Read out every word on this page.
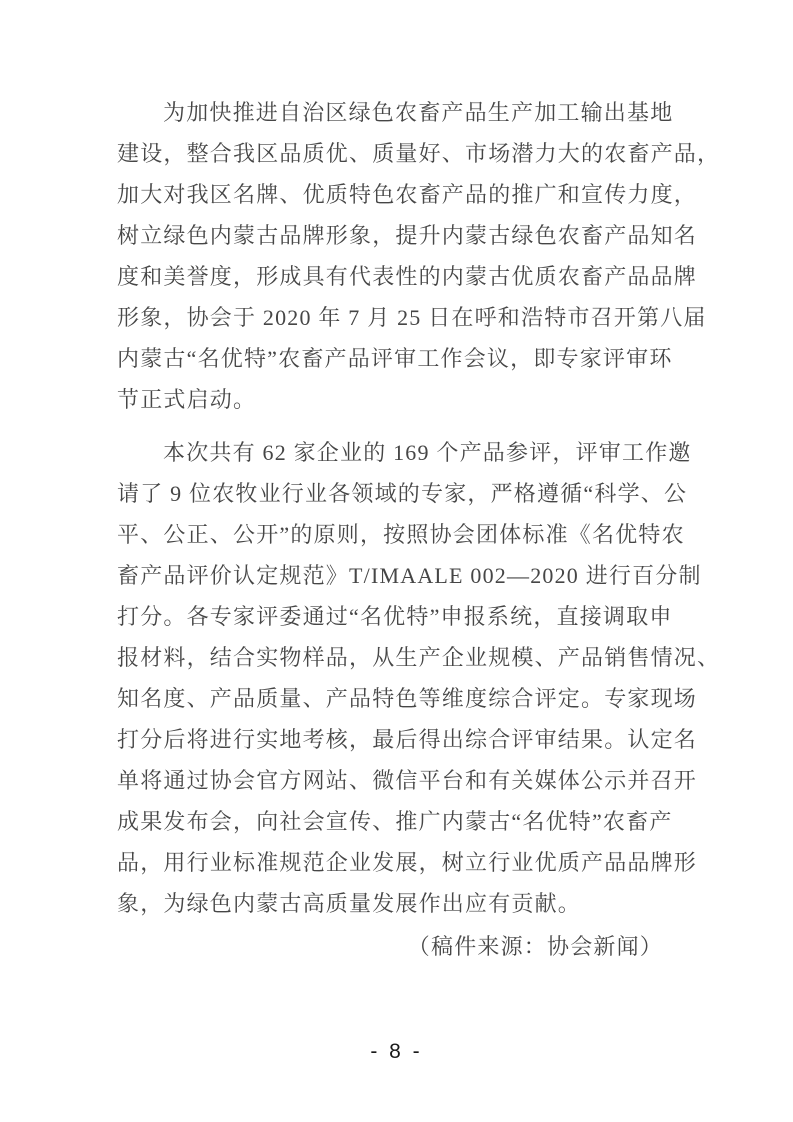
为加快推进自治区绿色农畜产品生产加工输出基地
建设，整合我区品质优、质量好、市场潜力大的农畜产品，
加大对我区名牌、优质特色农畜产品的推广和宣传力度，
树立绿色内蒙古品牌形象，提升内蒙古绿色农畜产品知名
度和美誉度，形成具有代表性的内蒙古优质农畜产品品牌
形象，协会于 2020 年 7 月 25 日在呼和浩特市召开第八届
内蒙古“名优特”农畜产品评审工作会议，即专家评审环
节正式启动。
本次共有 62 家企业的 169 个产品参评，评审工作邀
请了 9 位农牧业行业各领域的专家，严格遵循“科学、公
平、公正、公开”的原则，按照协会团体标准《名优特农
畜产品评价认定规范》T/IMAALE 002—2020 进行百分制
打分。各专家评委通过“名优特”申报系统，直接调取申
报材料，结合实物样品，从生产企业规模、产品销售情况、
知名度、产品质量、产品特色等维度综合评定。专家现场
打分后将进行实地考核，最后得出综合评审结果。认定名
单将通过协会官方网站、微信平台和有关媒体公示并召开
成果发布会，向社会宣传、推广内蒙古“名优特”农畜产
品，用行业标准规范企业发展，树立行业优质产品品牌形
象，为绿色内蒙古高质量发展作出应有贡献。
（稿件来源：协会新闻）
- 8 -
